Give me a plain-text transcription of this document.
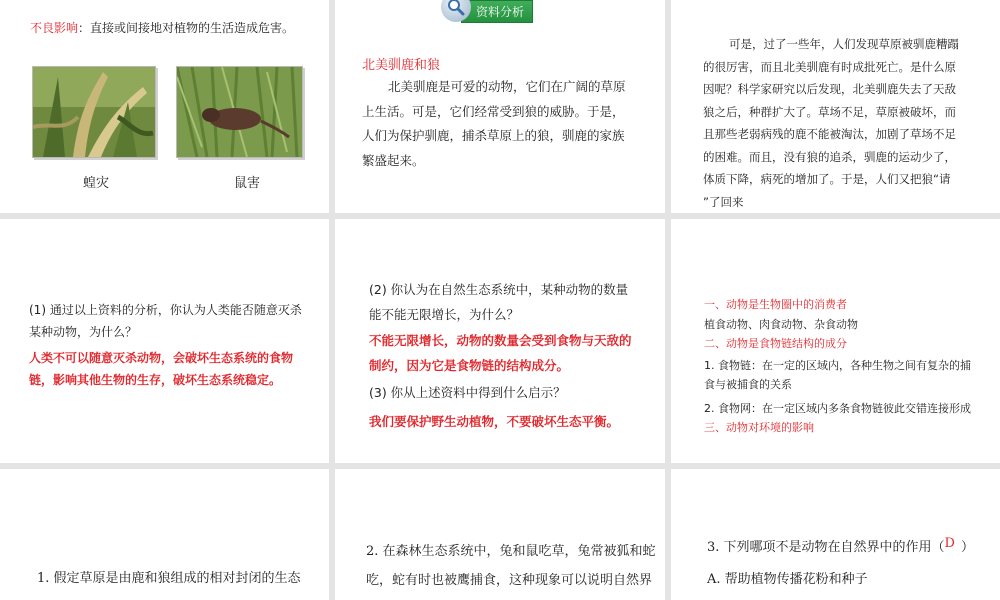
不良影响：直接或间接地对植物的生活造成危害。
蝗灾	鼠害
资料分析
北美驯鹿和狼
北美驯鹿是可爱的动物，它们在广阔的草原
上生活。可是，它们经常受到狼的威胁。于是，
人们为保护驯鹿，捕杀草原上的狼，驯鹿的家族
繁盛起来。
可是，过了一些年，人们发现草原被驯鹿糟蹋
的很厉害，而且北美驯鹿有时成批死亡。是什么原
因呢？科学家研究以后发现，北美驯鹿失去了天敌
狼之后，种群扩大了。草场不足，草原被破坏，而
且那些老弱病残的鹿不能被淘汰，加剧了草场不足
的困难。而且，没有狼的追杀，驯鹿的运动少了，
体质下降，病死的增加了。于是，人们又把狼“请
”了回来
(1) 通过以上资料的分析，你认为人类能否随意灭杀
某种动物，为什么？
人类不可以随意灭杀动物，会破坏生态系统的食物
链，影响其他生物的生存，破坏生态系统稳定。
(2) 你认为在自然生态系统中，某种动物的数量
能不能无限增长，为什么？
不能无限增长，动物的数量会受到食物与天敌的
制约，因为它是食物链的结构成分。
(3) 你从上述资料中得到什么启示？
我们要保护野生动植物，不要破坏生态平衡。
一、动物是生物圈中的消费者
植食动物、肉食动物、杂食动物
二、动物是食物链结构的成分
1. 食物链：在一定的区域内，各种生物之间有复杂的捕
食与被捕食的关系
2. 食物网：在一定区域内多条食物链彼此交错连接形成
三、动物对环境的影响
1. 假定草原是由鹿和狼组成的相对封闭的生态
2. 在森林生态系统中，兔和鼠吃草，兔常被狐和蛇
吃，蛇有时也被鹰捕食，这种现象可以说明自然界
3. 下列哪项不是动物在自然界中的作用（D ）
A. 帮助植物传播花粉和种子
